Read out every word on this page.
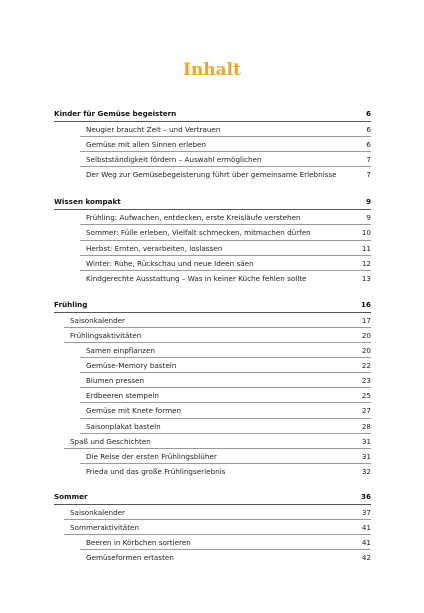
Inhalt
Kinder für Gemüse begeistern	6
Neugier braucht Zeit – und Vertrauen	6
Gemüse mit allen Sinnen erleben	6
Selbstständigkeit fördern – Auswahl ermöglichen	7
Der Weg zur Gemüsebegeisterung führt über gemeinsame Erlebnisse	7
Wissen kompakt	9
Frühling: Aufwachen, entdecken, erste Kreisläufe verstehen	9
Sommer: Fülle erleben, Vielfalt schmecken, mitmachen dürfen	10
Herbst: Ernten, verarbeiten, loslassen	11
Winter: Ruhe, Rückschau und neue Ideen säen	12
Kindgerechte Ausstattung – Was in keiner Küche fehlen sollte	13
Frühling	16
Saisonkalender	17
Frühlingsaktivitäten	20
Samen einpflanzen	20
Gemüse-Memory basteln	22
Blumen pressen	23
Erdbeeren stempeln	25
Gemüse mit Knete formen	27
Saisonplakat basteln	28
Spaß und Geschichten	31
Die Reise der ersten Frühlingsblüher	31
Frieda und das große Frühlingserlebnis	32
Sommer	36
Saisonkalender	37
Sommeraktivitäten	41
Beeren in Körbchen sortieren	41
Gemüseformen ertasten	42
